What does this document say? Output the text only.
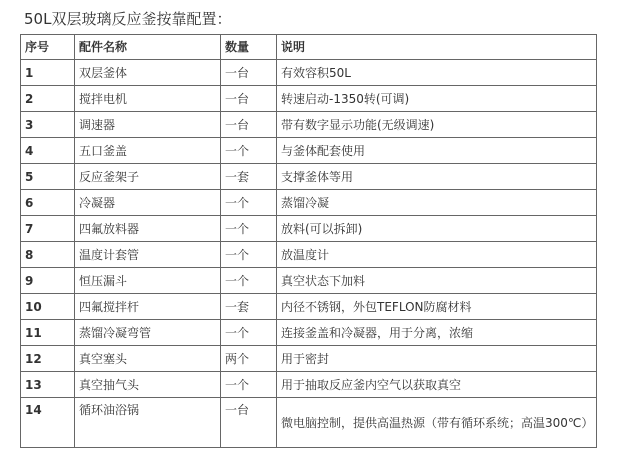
50L双层玻璃反应釜按靠配置：
序号	配件名称	数量	说明
1	双层釜体	一台	有效容积50L
2	搅拌电机	一台	转速启动-1350转(可调)
3	调速器	一台	带有数字显示功能(无级调速)
4	五口釜盖	一个	与釜体配套使用
5	反应釜架子	一套	支撑釜体等用
6	冷凝器	一个	蒸馏冷凝
7	四氟放料器	一个	放料(可以拆卸)
8	温度计套管	一个	放温度计
9	恒压漏斗	一个	真空状态下加料
10	四氟搅拌杆	一套	内径不锈钢，外包TEFLON防腐材料
11	蒸馏冷凝弯管	一个	连接釜盖和冷凝器，用于分离，浓缩
12	真空塞头	两个	用于密封
13	真空抽气头	一个	用于抽取反应釜内空气以获取真空
14	循环油浴锅	一台	微电脑控制，提供高温热源（带有循环系统；高温300℃）
